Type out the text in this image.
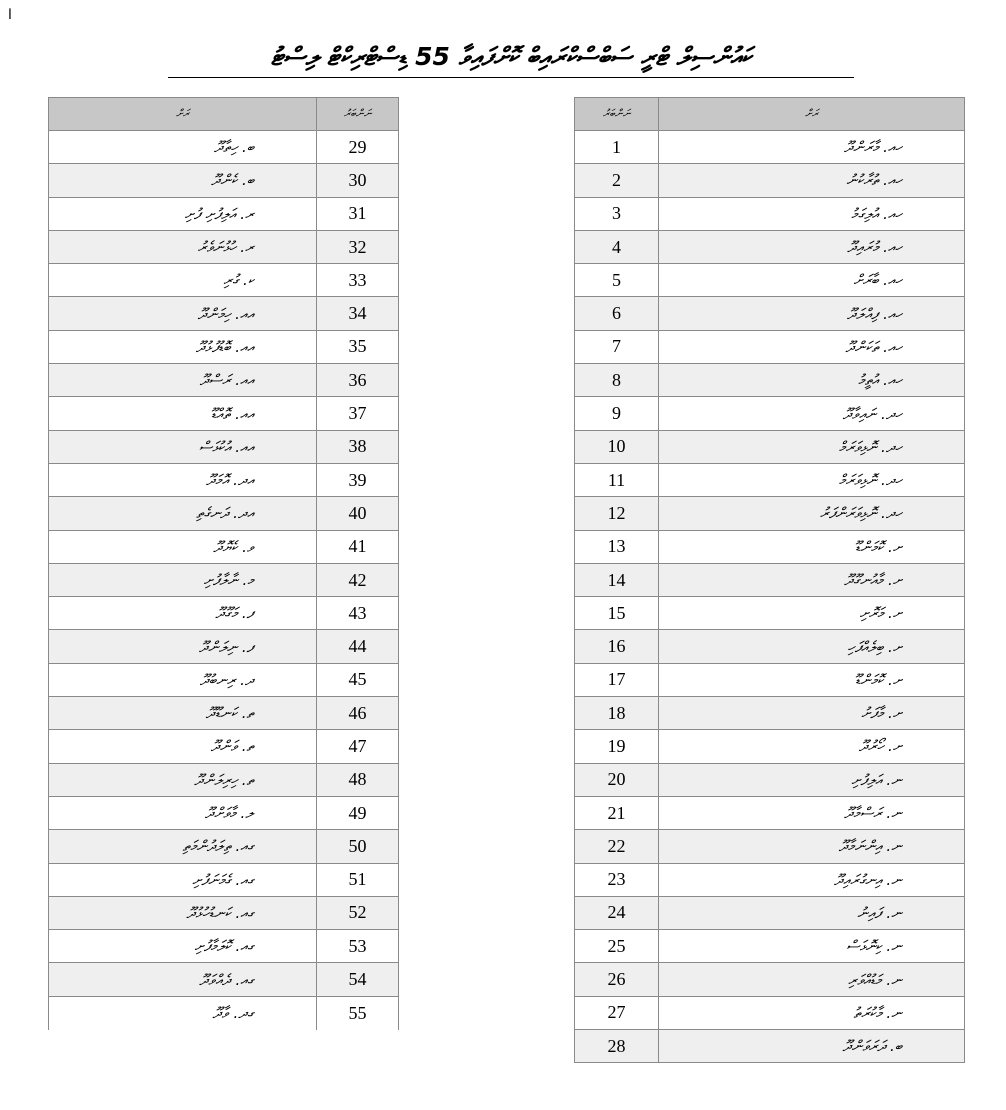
ا
ކައުންސިލް ޓްރީ ސަބްސްކްރައިބް ކޮށްފައިވާ 55 ޑިސްޓްރިކްޓް ލިސްޓު
ރަށް	ނަންބަރު
ބ. ހިތާދޫ	29
ބ. ކެންދޫ	30
ރ. އަލިފުށި ފުށި	31
ރ. ހުޅުނަވެރު	32
ކ. ގުރި	33
އއ. ހިމަންދޫ	34
އއ. ބޮޑުފުޅުދޫ	35
އއ. ރަސްދޫ	36
އއ. ތޮއްޑޫ	37
އއ. އުކުޅަސް	38
އދ. އޮމަދޫ	39
އދ. ދަނގެތި	40
ވ. ކެޔޮދޫ	41
މ. ނާލާފުށި	42
ފ. މަގޫދޫ	43
ފ. ނިލަންދޫ	44
ދ. ރިނބުދޫ	45
ތ. ކަނޑޫދޫ	46
ތ. ވަންދޫ	47
ތ. ހިރިލަންދޫ	48
ލ. މާވަށްދޫ	49
ގއ. ތިލަދުންމަތި	50
ގއ. ގެމަނަފުށި	51
ގއ. ކަނޑުހުޅުދޫ	52
ގއ. ކޮލަމާފުށި	53
ގއ. ދެއްވަދޫ	54
ގދ. ވާދޫ	55
ނަންބަރު	ރަށް
1	ހއ. މާރަންދޫ
2	ހއ. ތުރާކުނު
3	ހއ. އުލިގަމު
4	ހއ. މުރައިދޫ
5	ހއ. ބާރަށް
6	ހއ. ފިއްލަދޫ
7	ހއ. ތަކަންދޫ
8	ހއ. އުތީމު
9	ހދ. ނައިވާދޫ
10	ހދ. ނޮޅިވަރަމް
11	ހދ. ނޮޅިވަރަމް
12	ހދ. ނޮޅިވަރަންފަރު
13	ށ. ކޮމަންޑޫ
14	ށ. މާއުނގޫދޫ
15	ށ. މަރޮށި
16	ށ. ބިލެއްފަހި
17	ށ. ކޮމަންޑޫ
18	ށ. މާފަށު
19	ށ. ހޯރުދޫ
20	ނ. އަލިފުށި
21	ނ. ރަސްމާދޫ
22	ނ. އިންނަމާދޫ
23	ނ. އިނގުރައިދޫ
24	ނ. ފައިނު
25	ނ. ކިނޮޅަސް
26	ނ. މަޑުއްވަރި
27	ނ. މާކުރަތު
28	ބ. ދަރަވަންދޫ
